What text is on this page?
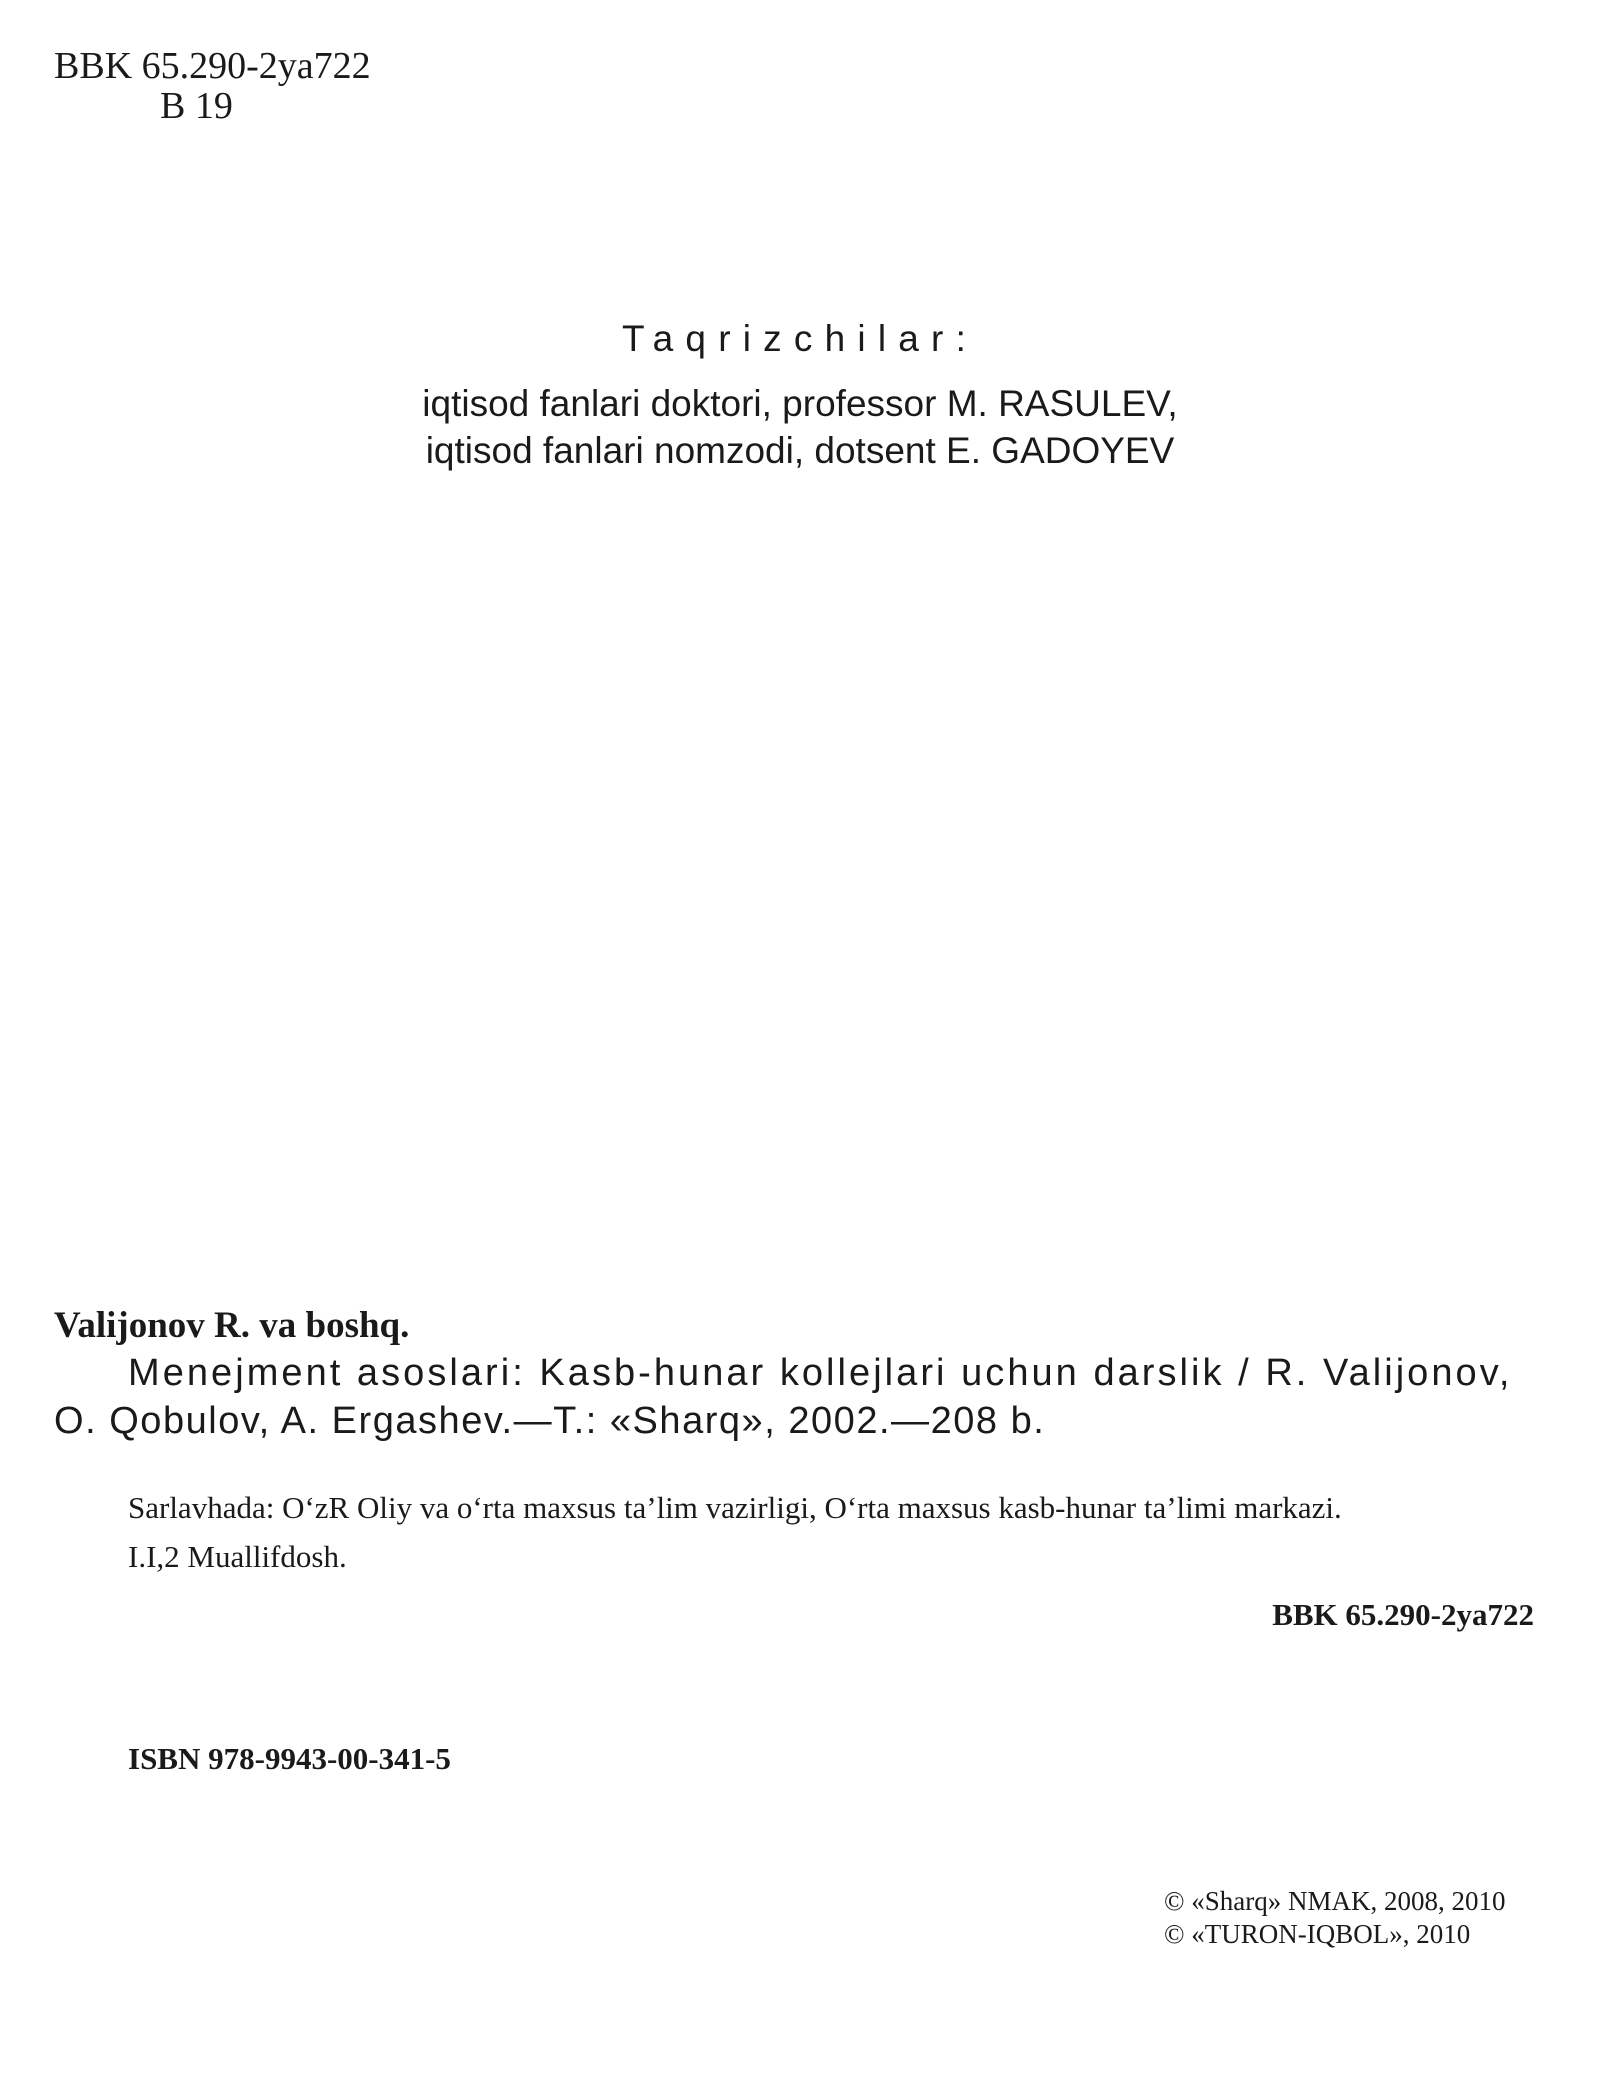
BBK 65.290-2ya722
B 19
Taqrizchilar:
iqtisod fanlari doktori, professor M. RASULEV,
iqtisod fanlari nomzodi, dotsent E. GADOYEV
Valijonov R. va boshq.
Menejment asoslari: Kasb-hunar kollejlari uchun darslik / R. Valijonov,
O. Qobulov, A. Ergashev.—T.: «Sharq», 2002.—208 b.
Sarlavhada: O‘zR Oliy va o‘rta maxsus ta’lim vazirligi, O‘rta maxsus kasb-hunar ta’limi markazi.
I.I,2 Muallifdosh.
BBK 65.290-2ya722
ISBN 978-9943-00-341-5
© «Sharq» NMAK, 2008, 2010
© «TURON-IQBOL», 2010
